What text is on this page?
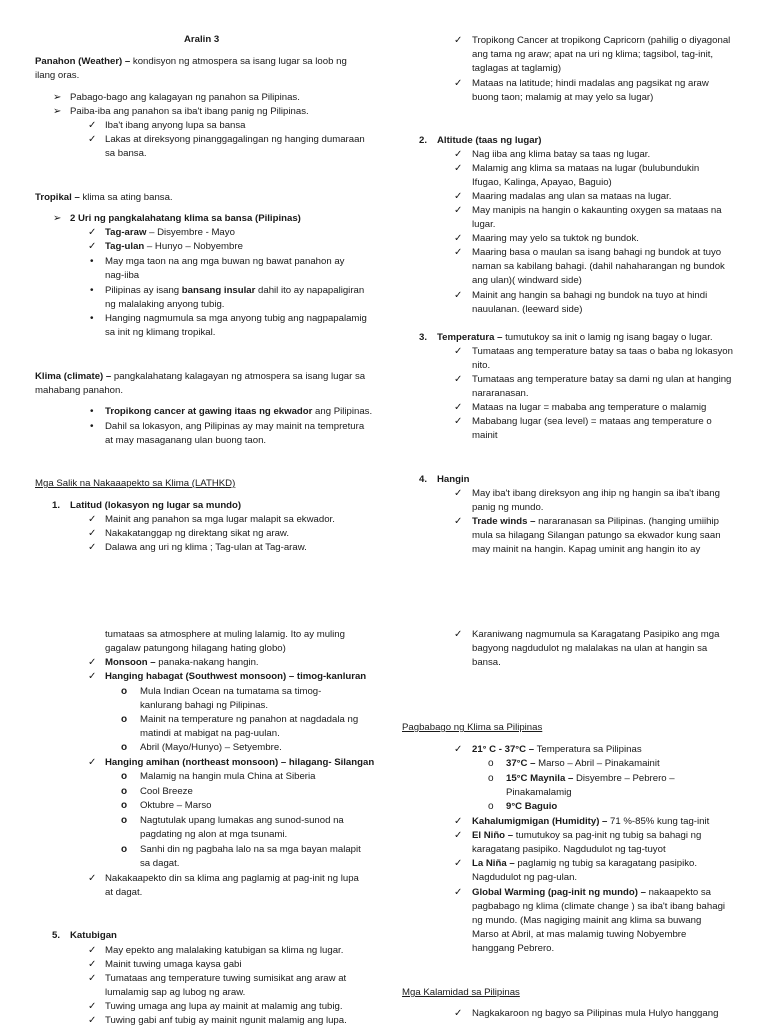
Aralin 3
Panahon (Weather) – kondisyon ng atmospera sa isang lugar sa loob ng
ilang oras.
➢ Pabago-bago ang kalagayan ng panahon sa Pilipinas.
➢ Paiba-iba ang panahon sa iba't ibang panig ng Pilipinas.
✓ Iba't ibang anyong lupa sa bansa
✓ Lakas at direksyong pinanggagalingan ng hanging dumaraan
sa bansa.
Tropikal – klima sa ating bansa.
➢ 2 Uri ng pangkalahatang klima sa bansa (Pilipinas)
✓ Tag-araw – Disyembre - Mayo
✓ Tag-ulan – Hunyo – Nobyembre
• May mga taon na ang mga buwan ng bawat panahon ay
nag-iiba
• Pilipinas ay isang bansang insular dahil ito ay napapaligiran
ng malalaking anyong tubig.
• Hanging nagmumula sa mga anyong tubig ang nagpapalamig
sa init ng klimang tropikal.
Klima (climate) – pangkalahatang kalagayan ng atmospera sa isang lugar sa
mahabang panahon.
• Tropikong cancer at gawing itaas ng ekwador ang Pilipinas.
• Dahil sa lokasyon, ang Pilipinas ay may mainit na tempretura
at may masaganang ulan buong taon.
Mga Salik na Nakaaapekto sa Klima (LATHKD)
1. Latitud (lokasyon ng lugar sa mundo)
✓ Mainit ang panahon sa mga lugar malapit sa ekwador.
✓ Nakakatanggap ng direktang sikat ng araw.
✓ Dalawa ang uri ng klima ; Tag-ulan at Tag-araw.
tumataas sa atmosphere at muling lalamig. Ito ay muling
gagalaw patungong hilagang hating globo)
✓ Monsoon – panaka-nakang hangin.
✓ Hanging habagat (Southwest monsoon) – timog-kanluran
o Mula Indian Ocean na tumatama sa timog-
kanlurang bahagi ng Pilipinas.
o Mainit na temperature ng panahon at nagdadala ng
matindi at mabigat na pag-uulan.
o Abril (Mayo/Hunyo) – Setyembre.
✓ Hanging amihan (northeast monsoon) – hilagang- Silangan
o Malamig na hangin mula China at Siberia
o Cool Breeze
o Oktubre – Marso
o Nagtutulak upang lumakas ang sunod-sunod na
pagdating ng alon at mga tsunami.
o Sanhi din ng pagbaha lalo na sa mga bayan malapit
sa dagat.
✓ Nakakaapekto din sa klima ang paglamig at pag-init ng lupa
at dagat.
5. Katubigan
✓ May epekto ang malalaking katubigan sa klima ng lugar.
✓ Mainit tuwing umaga kaysa gabi
✓ Tumataas ang temperature tuwing sumisikat ang araw at
lumalamig sap ag lubog ng araw.
✓ Tuwing umaga ang lupa ay mainit at malamig ang tubig.
✓ Tuwing gabi anf tubig ay mainit ngunit malamig ang lupa.
✓ Tropikong Cancer at tropikong Capricorn (pahilig o diyagonal
ang tama ng araw; apat na uri ng klima; tagsibol, tag-init,
taglagas at taglamig)
✓ Mataas na latitude; hindi madalas ang pagsikat ng araw
buong taon; malamig at may yelo sa lugar)
2. Altitude (taas ng lugar)
✓ Nag iiba ang klima batay sa taas ng lugar.
✓ Malamig ang klima sa mataas na lugar (bulubundukin
Ifugao, Kalinga, Apayao, Baguio)
✓ Maaring madalas ang ulan sa mataas na lugar.
✓ May manipis na hangin o kakaunting oxygen sa mataas na
lugar.
✓ Maaring may yelo sa tuktok ng bundok.
✓ Maaring basa o maulan sa isang bahagi ng bundok at tuyo
naman sa kabilang bahagi. (dahil nahaharangan ng bundok
ang ulan)( windward side)
✓ Mainit ang hangin sa bahagi ng bundok na tuyo at hindi
nauulanan. (leeward side)
3. Temperatura – tumutukoy sa init o lamig ng isang bagay o lugar.
✓ Tumataas ang temperature batay sa taas o baba ng lokasyon
nito.
✓ Tumataas ang temperature batay sa dami ng ulan at hanging
nararanasan.
✓ Mataas na lugar = mababa ang temperature o malamig
✓ Mababang lugar (sea level) = mataas ang temperature o
mainit
4. Hangin
✓ May iba't ibang direksyon ang ihip ng hangin sa iba't ibang
panig ng mundo.
✓ Trade winds – nararanasan sa Pilipinas. (hanging umiihip
mula sa hilagang Silangan patungo sa ekwador kung saan
may mainit na hangin. Kapag uminit ang hangin ito ay
✓ Karaniwang nagmumula sa Karagatang Pasipiko ang mga
bagyong nagdudulot ng malalakas na ulan at hangin sa
bansa.
Pagbabago ng Klima sa Pilipinas
✓ 21° C - 37°C – Temperatura sa Pilipinas
o 37°C – Marso – Abril – Pinakamainit
o 15°C Maynila – Disyembre – Pebrero –
Pinakamalamig
o 9°C Baguio
✓ Kahalumigmigan (Humidity) – 71 %-85% kung tag-init
✓ El Niño – tumutukoy sa pag-init ng tubig sa bahagi ng
karagatang pasipiko. Nagdudulot ng tag-tuyot
✓ La Niña – paglamig ng tubig sa karagatang pasipiko.
Nagdudulot ng pag-ulan.
✓ Global Warming (pag-init ng mundo) – nakaapekto sa
pagbabago ng klima (climate change ) sa iba't ibang bahagi
ng mundo. (Mas nagiging mainit ang klima sa buwang
Marso at Abril, at mas malamig tuwing Nobyembre
hanggang Pebrero.
Mga Kalamidad sa Pilipinas
✓ Nagkakaroon ng bagyo sa Pilipinas mula Hulyo hanggang
